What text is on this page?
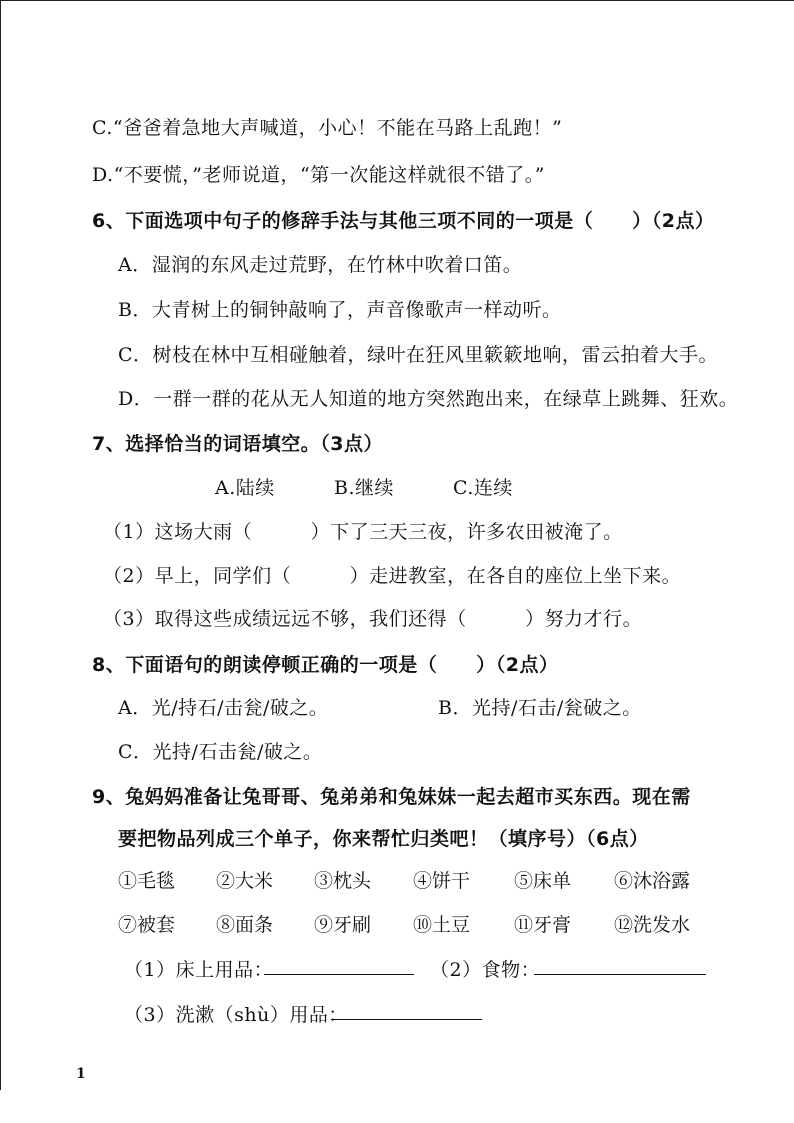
C.“爸爸着急地大声喊道，小心！不能在马路上乱跑！”
D.“不要慌，”老师说道，“第一次能这样就很不错了。”
6、下面选项中句子的修辞手法与其他三项不同的一项是（　　）（2点）
A．湿润的东风走过荒野，在竹林中吹着口笛。
B．大青树上的铜钟敲响了，声音像歌声一样动听。
C．树枝在林中互相碰触着，绿叶在狂风里簌簌地响，雷云拍着大手。
D．一群一群的花从无人知道的地方突然跑出来，在绿草上跳舞、狂欢。
7、选择恰当的词语填空。（3点）
A.陆续	B.继续	C.连续
（1）这场大雨（　　　）下了三天三夜，许多农田被淹了。
（2）早上，同学们（　　　）走进教室，在各自的座位上坐下来。
（3）取得这些成绩远远不够，我们还得（　　　）努力才行。
8、下面语句的朗读停顿正确的一项是（　　）（2点）
A．光/持石/击瓮/破之。	B．光持/石击/瓮破之。
C．光持/石击瓮/破之。
9、兔妈妈准备让兔哥哥、兔弟弟和兔妹妹一起去超市买东西。现在需
要把物品列成三个单子，你来帮忙归类吧！（填序号）（6点）
①毛毯 ②大米 ③枕头 ④饼干 ⑤床单 ⑥沐浴露
⑦被套 ⑧面条 ⑨牙刷 ⑩土豆 ⑪牙膏 ⑫洗发水
（1）床上用品：	（2）食物：
（3）洗漱（shù）用品：
1
